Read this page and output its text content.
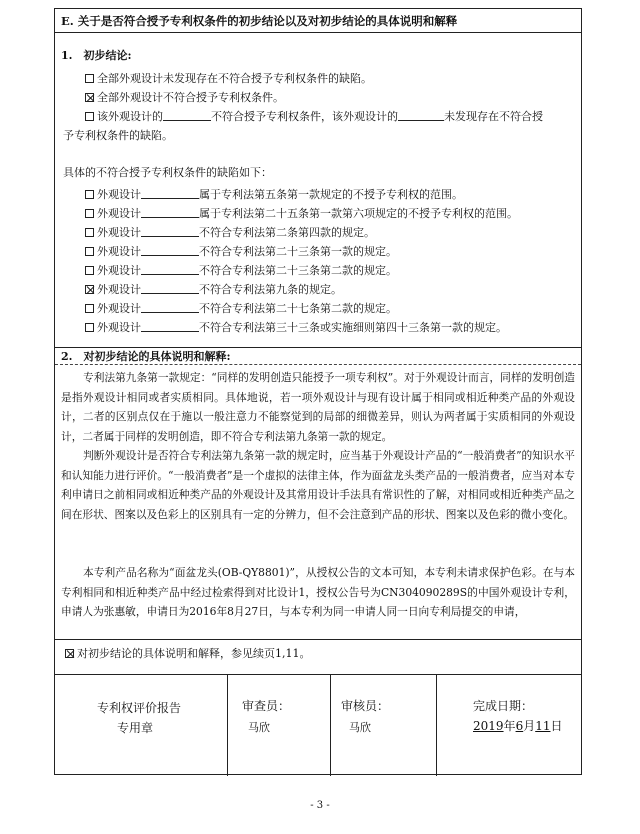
E. 关于是否符合授予专利权条件的初步结论以及对初步结论的具体说明和解释
1.　初步结论:
全部外观设计未发现存在不符合授予专利权条件的缺陷。
全部外观设计不符合授予专利权条件。
该外观设计的	不符合授予专利权条件，该外观设计的	未发现存在不符合授
予专利权条件的缺陷。
具体的不符合授予专利权条件的缺陷如下：
2.　对初步结论的具体说明和解释:
专利法第九条第一款规定：“同样的发明创造只能授予一项专利权”。对于外观设计而言，同样的发明创造是指外观设计相同或者实质相同。具体地说，若一项外观设计与现有设计属于相同或相近种类产品的外观设计，二者的区别点仅在于施以一般注意力不能察觉到的局部的细微差异，则认为两者属于实质相同的外观设计，二者属于同样的发明创造，即不符合专利法第九条第一款的规定。
判断外观设计是否符合专利法第九条第一款的规定时，应当基于外观设计产品的“一般消费者”的知识水平和认知能力进行评价。“一般消费者”是一个虚拟的法律主体，作为面盆龙头类产品的一般消费者，应当对本专利申请日之前相同或相近种类产品的外观设计及其常用设计手法具有常识性的了解，对相同或相近种类产品之间在形状、图案以及色彩上的区别具有一定的分辨力，但不会注意到产品的形状、图案以及色彩的微小变化。
本专利产品名称为“面盆龙头(OB-QY8801)”，从授权公告的文本可知，本专利未请求保护色彩。在与本专利相同和相近种类产品中经过检索得到对比设计1，授权公告号为CN304090289S的中国外观设计专利，申请人为张惠敏，申请日为2016年8月27日，与本专利为同一申请人同一日向专利局提交的申请，
对初步结论的具体说明和解释，参见续页1,11。
专利权评价报告
专用章
审查员：
马欣
审核员：
马欣
完成日期：
2019年6月11日
外观设计	属于专利法第五条第一款规定的不授予专利权的范围。
外观设计	属于专利法第二十五条第一款第六项规定的不授予专利权的范围。
外观设计	不符合专利法第二条第四款的规定。
外观设计	不符合专利法第二十三条第一款的规定。
外观设计	不符合专利法第二十三条第二款的规定。
外观设计	不符合专利法第九条的规定。
外观设计	不符合专利法第二十七条第二款的规定。
外观设计	不符合专利法第三十三条或实施细则第四十三条第一款的规定。
- 3 -
